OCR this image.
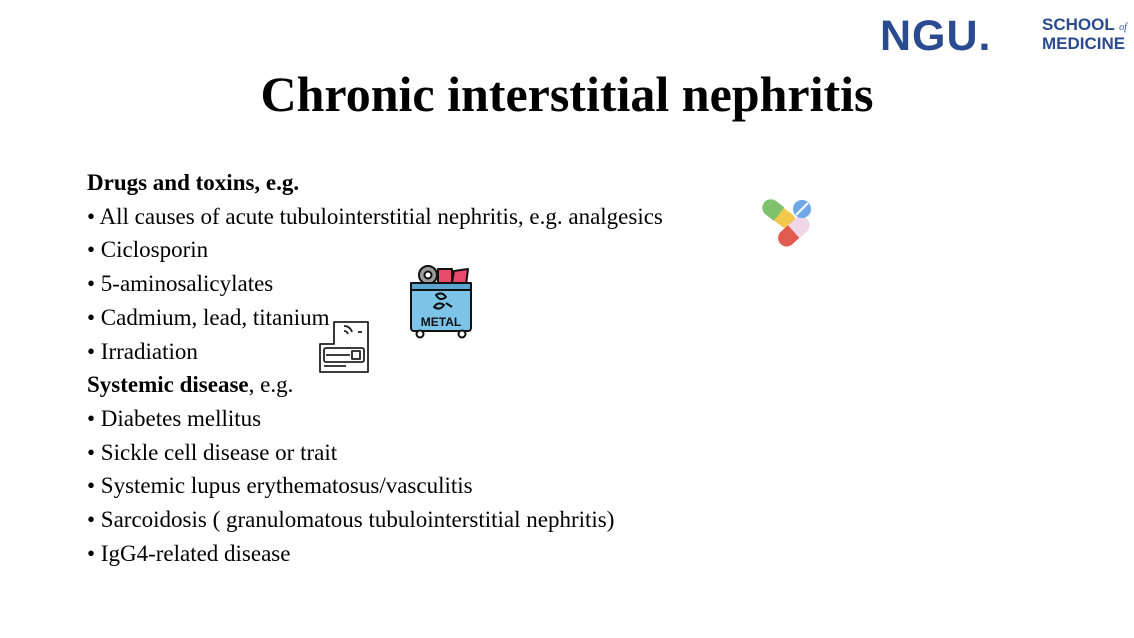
NGU.	SCHOOL of
MEDICINE
Chronic interstitial nephritis
Drugs and toxins, e.g.
• All causes of acute tubulointerstitial nephritis, e.g. analgesics
• Ciclosporin
• 5-aminosalicylates
• Cadmium, lead, titanium
• Irradiation
Systemic disease, e.g.
• Diabetes mellitus
• Sickle cell disease or trait
• Systemic lupus erythematosus/vasculitis
• Sarcoidosis ( granulomatous tubulointerstitial nephritis)
• IgG4-related disease
METAL
